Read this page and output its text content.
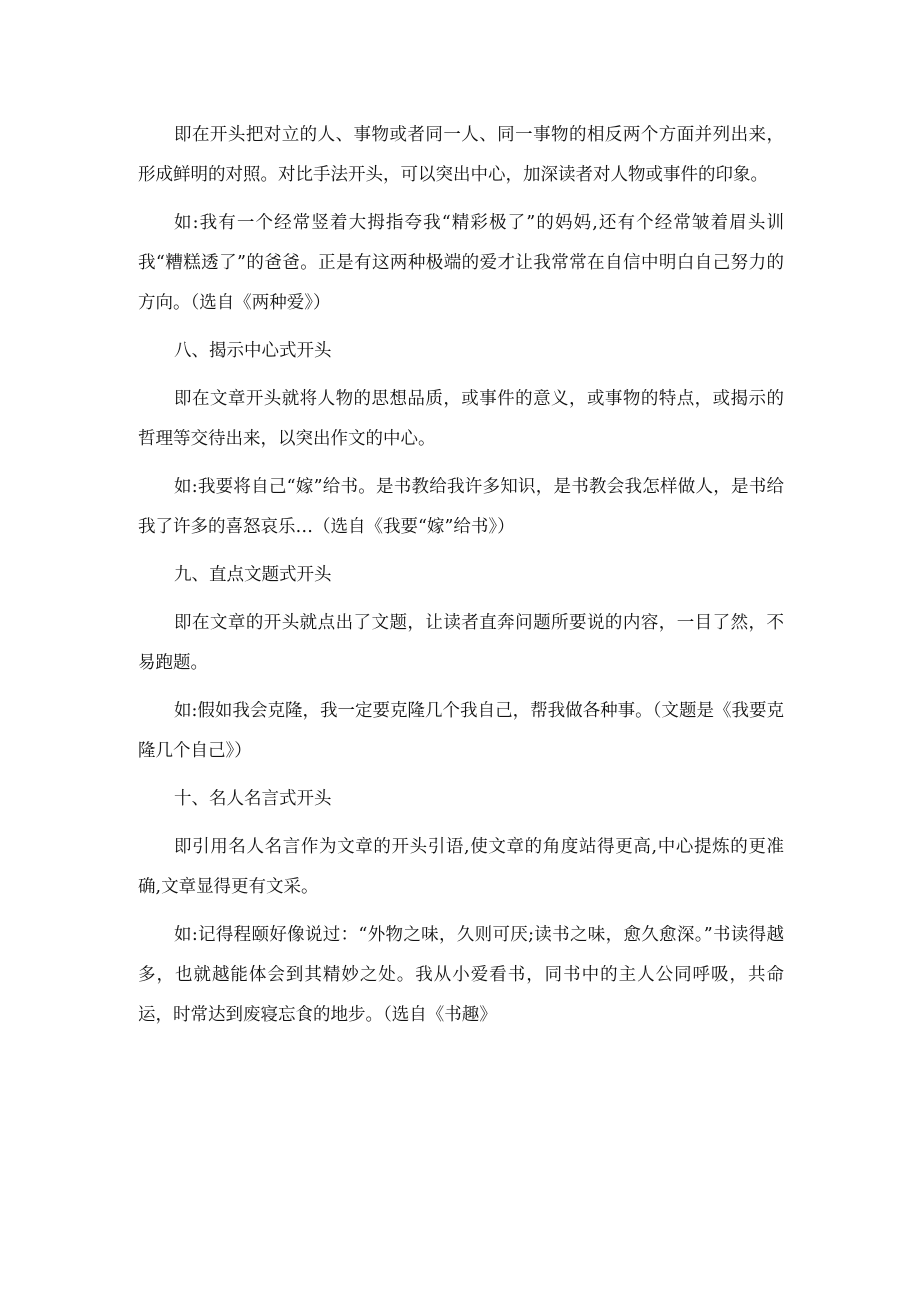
即在开头把对立的人、事物或者同一人、同一事物的相反两个方面并列出来，形成鲜明的对照。对比手法开头，可以突出中心，加深读者对人物或事件的印象。

如:我有一个经常竖着大拇指夸我“精彩极了”的妈妈,还有个经常皱着眉头训我“糟糕透了”的爸爸。正是有这两种极端的爱才让我常常在自信中明白自己努力的方向。（选自《两种爱》）

八、揭示中心式开头

即在文章开头就将人物的思想品质，或事件的意义，或事物的特点，或揭示的哲理等交待出来，以突出作文的中心。

如:我要将自己“嫁”给书。是书教给我许多知识，是书教会我怎样做人，是书给我了许多的喜怒哀乐…（选自《我要“嫁”给书》）

九、直点文题式开头

即在文章的开头就点出了文题，让读者直奔问题所要说的内容，一目了然，不易跑题。

如:假如我会克隆，我一定要克隆几个我自己，帮我做各种事。（文题是《我要克隆几个自己》）

十、名人名言式开头

即引用名人名言作为文章的开头引语,使文章的角度站得更高,中心提炼的更准确,文章显得更有文采。

如:记得程颐好像说过：“外物之味，久则可厌;读书之味，愈久愈深。”书读得越多，也就越能体会到其精妙之处。我从小爱看书，同书中的主人公同呼吸，共命运，时常达到废寝忘食的地步。（选自《书趣》
